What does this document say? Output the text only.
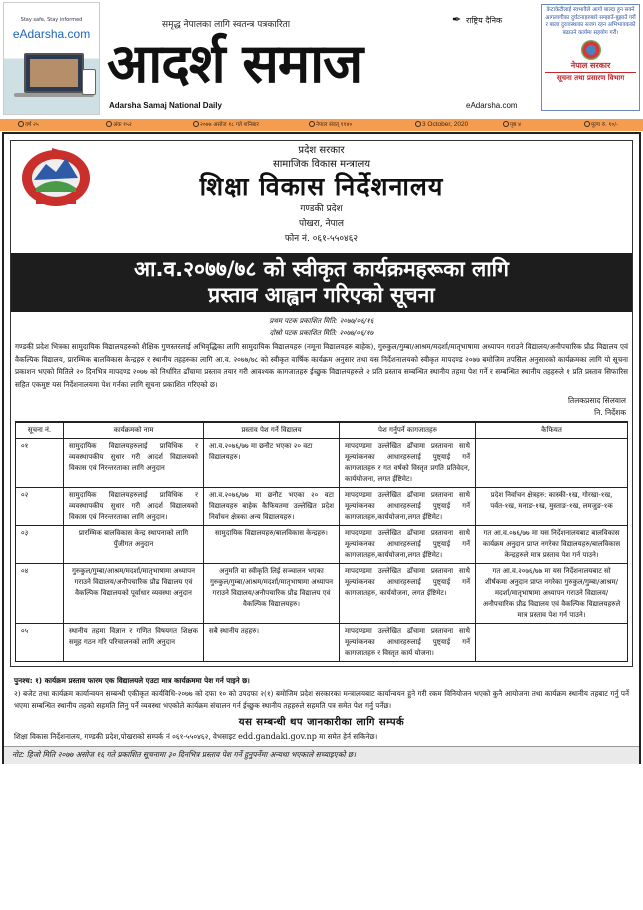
Stay safe, Stay informed
eAdarsha.com
समृद्ध नेपालका लागि स्वतन्त्र पत्रकारिता
आदर्श समाज
Adarsha Samaj National Daily
✒ राष्ट्रिय दैनिक
eAdarsha.com
केटाकेटीलाई स्वभावैले आगो बाल्दा हुन सक्ने आगलागीका दुर्घटनाहरुबारे सम्झाउँ-बुझाउँ गरौं र बाला दुरावस्थाका सजग रहन अभिभावकको बढाउने कार्यमा सहयोग गरौं।
नेपाल सरकार
सूचना तथा प्रसारण विभाग
वर्ष २५	अंक १५२	२०७७ असोज १८ गते शनिबार	नेपाल संवत् ११४०	3 October, 2020	पृष्ठ ४	मूल्य रु. १०/-
प्रदेश सरकार
सामाजिक विकास मन्त्रालय
शिक्षा विकास निर्देशनालय
गण्डकी प्रदेश
पोखरा, नेपाल
फोन नं. ०६१-५५०४६२
आ.व.२०७७/७८ को स्वीकृत कार्यक्रमहरूका लागि
प्रस्ताव आह्वान गरिएको सूचना
प्रथम पटक प्रकाशित मिति: २०७७/०६/१६
दोस्रो पटक प्रकाशित मिति: २०७७/०६/१७
गण्डकी प्रदेश भित्रका सामुदायिक विद्यालयहरुको शैक्षिक गुणस्तरलाई अभिवृद्धिका लागि सामुदायिक विद्यालयहरु (नमूना विद्यालयहरु बाहेक), गुरुकुल/गुम्बा/आश्रम/मदर्शा/मातृभाषामा अध्यापन गराउने विद्यालय/अनौपचारिक प्रौढ विद्यालय एवं वैकल्पिक विद्यालय, प्रारम्भिक बालविकास केन्द्रहरु र स्थानीय तहहरुका लागि आ.व. २०७७/७८ को स्वीकृत वार्षिक कार्यक्रम अनुसार तथा यस निर्देशनालयको स्वीकृत मापदण्ड २०७७ बमोजिम तपसिल अनुसारको कार्यक्रमका लागि यो सूचना प्रकाशन भएको मितिले २० दिनभित्र मापदण्ड २०७७ को निर्धारित ढाँचामा प्रस्ताव तयार गरी आवश्यक कागजातहरु ईच्छुक विद्यालयहरुले २ प्रति प्रस्ताव सम्बन्धित स्थानीय तहमा पेश गर्ने र सम्बन्धित स्थानीय तहहरुले १ प्रति प्रस्ताव सिफारिस सहित एकमुष्ट यस निर्देशनालयमा पेश गर्नका लागि सूचना प्रकाशित गरिएको छ।
तिलकप्रसाद सिलवाल
नि. निर्देशक
सूचना नं.	कार्यक्रमको नाम	प्रस्ताव पेश गर्ने विद्यालय	पेश गर्नुपर्ने कागजातहरु	कैफियत
०१	सामुदायिक विद्यालयहरुलाई प्राविधिक र व्यवस्थापकीय सुधार गरी आदर्श विद्यालयको विकास एवं निरन्तरताका लागि अनुदान	आ.व.२०७६/७७ मा छनौट भएका २० वटा विद्यालयहरु।	मापदण्डमा उल्लेखित ढाँचामा प्रस्तावना साथै मूल्यांकनका आधारहरुलाई पुष्ट्याई गर्ने कागजातहरु र गत वर्षको विस्तृत प्रगति प्रतिवेदन, कार्ययोजना, लगत ईष्टिमेट।	
०२	सामुदायिक विद्यालयहरुलाई प्राविधिक र व्यवस्थापकीय सुधार गरी आदर्श विद्यालयको विकास एवं निरन्तरताका लागि अनुदान।	आ.व.२०७६/७७ मा छनौट भएका २० वटा विद्यालयहरु बाहेक कैफियतमा उल्लेखित प्रदेश निर्वाचन क्षेत्रका अन्य विद्यालयहरु।	मापदण्डमा उल्लेखित ढाँचामा प्रस्तावना साथै मूल्यांकनका आधारहरुलाई पुष्ट्याई गर्ने कागजातहरु,कार्ययोजना,लगत ईष्टिमेट।	प्रदेश निर्वाचन क्षेत्रहरु: कास्की-१ख, गोरखा-१ख, पर्वत-१ख, मनाङ-१ख, मुस्ताङ-१ख, लमजुङ-१क
०३	प्रारम्भिक बालविकास केन्द्र स्थापनाको लागि पुँजीगत अनुदान	सामुदायिक विद्यालयहरु/बालविकास केन्द्रहरु।	मापदण्डमा उल्लेखित ढाँचामा प्रस्तावना साथै मूल्यांकनका आधारहरुलाई पुष्ट्याई गर्ने कागजातहरु,कार्ययोजना,लगत ईष्टिमेट।	गत आ.व.०७६/७७ मा यस निर्देशनालयबाट बालविकास कार्यक्रम अनुदान प्राप्त नगरेका विद्यालयहरु/बालविकास केन्द्रहरुले मात्र प्रस्ताव पेश गर्न पाउने।
०४	गुरुकुल/गुम्बा/आश्रम/मदर्शा/मातृभाषामा अध्यापन गराउने विद्यालय/अनौपचारिक प्रौढ विद्यालय एवं वैकल्पिक विद्यालयको पूर्वाधार व्यवस्था अनुदान	अनुमति वा स्वीकृति लिई सञ्चालन भएका गुरुकुल/गुम्बा/आश्रम/मदर्शा/मातृभाषामा अध्यापन गराउने विद्यालय/अनौपचारिक प्रौढ विद्यालय एवं वैकल्पिक विद्यालयहरु।	मापदण्डमा उल्लेखित ढाँचामा प्रस्तावना साथै मूल्यांकनका आधारहरुलाई पुष्ट्याई गर्ने कागजातहरु, कार्ययोजना, लगत ईष्टिमेट।	गत आ.व.२०७६/७७ मा यस निर्देशनालयबाट सो शीर्षकमा अनुदान प्राप्त नगरेका गुरुकुल/गुम्बा/आश्रम/मदर्शा/मातृभाषामा अध्यापन गराउने विद्यालय/अनौपचारिक प्रौढ विद्यालय एवं वैकल्पिक विद्यालयहरुले मात्र प्रस्ताव पेश गर्न पाउने।
०५	स्थानीय तहमा विज्ञान र गणित विषयगत शिक्षक समूह गठन गरि परिचालनको लागि अनुदान	सबै स्थानीय तहहरु।	मापदण्डमा उल्लेखित ढाँचामा प्रस्तावना साथै मूल्यांकनका आधारहरुलाई पुष्ट्याई गर्ने कागजातहरु र विस्तृत कार्य योजना।	
पुनश्च: १) कार्यक्रम प्रस्ताव फारम एक विद्यालयले एउटा मात्र कार्यक्रममा पेश गर्न पाइने छ।
२) बजेट तथा कार्यक्रम कार्यान्वयन सम्बन्धी एकीकृत कार्यविधि-२०७७ को दफा १० को उपदफा २(१) बमोजिम प्रदेश सरकारका मन्त्रालयबाट कार्यान्वयन हुने गरी रकम विनियोजन भएको कुनै आयोजना तथा कार्यक्रम स्थानीय तहबाट गर्नु पर्ने भएमा सम्बन्धित स्थानीय तहको सहमति लिनु पर्ने व्यवस्था भएकोले कार्यक्रम संचालन गर्न ईच्छुक स्थानीय तहहरुले सहमति पत्र समेत पेश गर्नु पर्नेछ।
यस सम्बन्धी थप जानकारीका लागि सम्पर्क
शिक्षा विकास निर्देशनालय, गण्डकी प्रदेश,पोखराको सम्पर्क नं ०६१-५५०४६२, वेभसाइट edd.gandaki.gov.np मा समेत हेर्न सकिनेछ।
नोट: हिजो मिति २०७७ असोज १६ गते प्रकाशित सूचनामा ३० दिनभित्र प्रस्ताव पेश गर्ने हुनुपर्नेमा अन्यथा भएकाले सच्याइएको छ।
